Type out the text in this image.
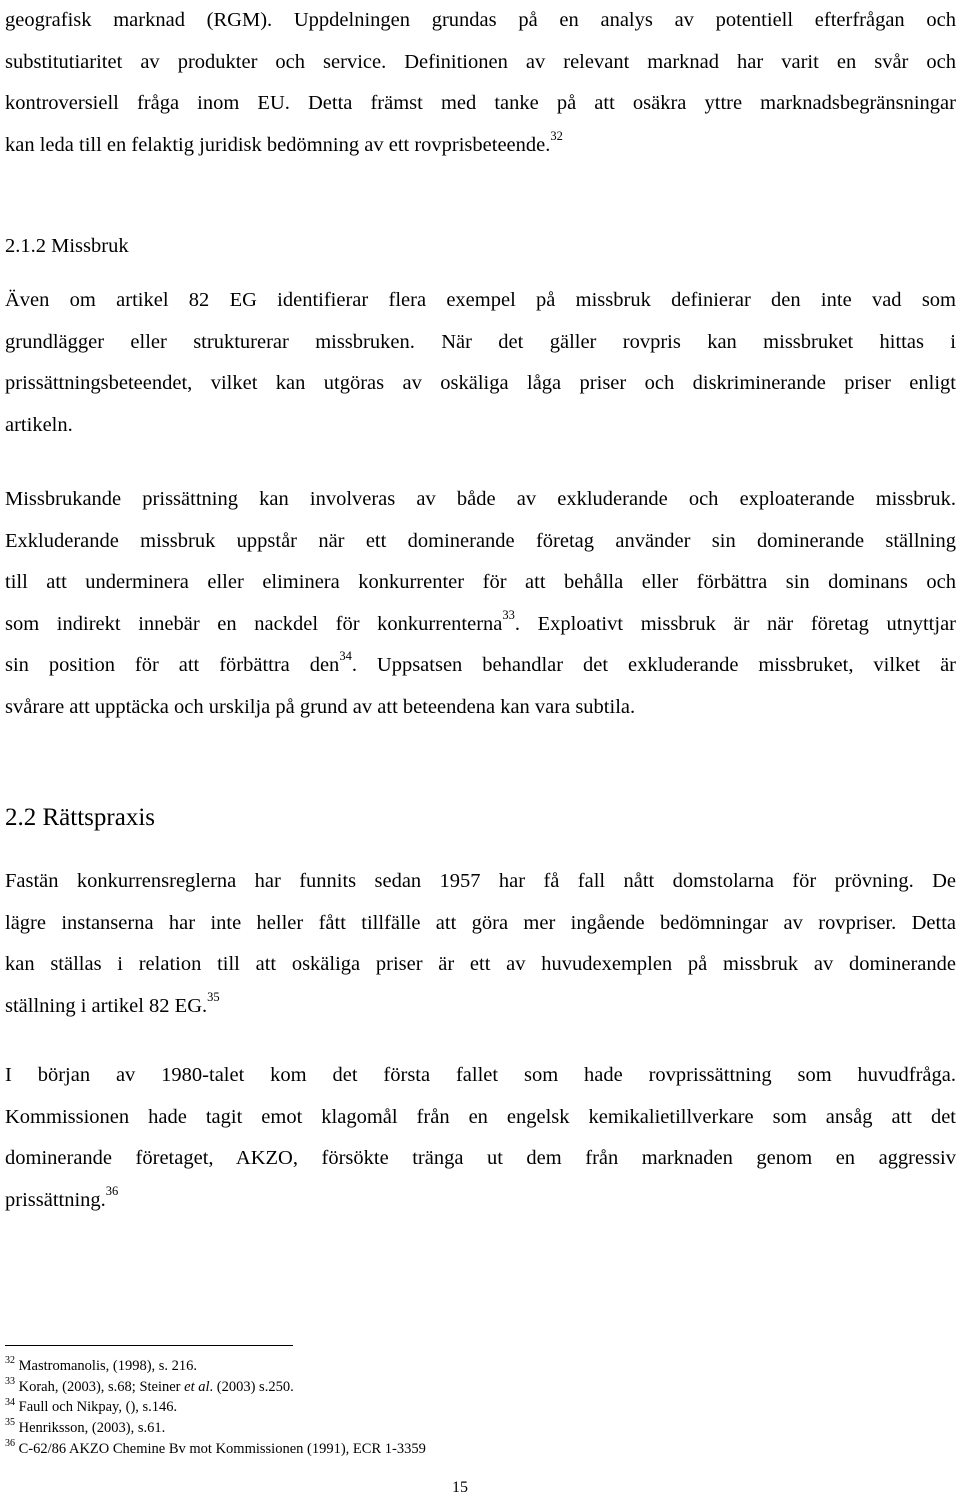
geografisk marknad (RGM). Uppdelningen grundas på en analys av potentiell efterfrågan och
substitutiaritet av produkter och service. Definitionen av relevant marknad har varit en svår och
kontroversiell fråga inom EU. Detta främst med tanke på att osäkra yttre marknadsbegränsningar
kan leda till en felaktig juridisk bedömning av ett rovprisbeteende.$^{32}$
2.1.2 Missbruk
Även om artikel 82 EG identifierar flera exempel på missbruk definierar den inte vad som
grundlägger eller strukturerar missbruken. När det gäller rovpris kan missbruket hittas i
prissättningsbeteendet, vilket kan utgöras av oskäliga låga priser och diskriminerande priser enligt
artikeln.
Missbrukande prissättning kan involveras av både av exkluderande och exploaterande missbruk.
Exkluderande missbruk uppstår när ett dominerande företag använder sin dominerande ställning
till att underminera eller eliminera konkurrenter för att behålla eller förbättra sin dominans och
som indirekt innebär en nackdel för konkurrenterna$^{33}$. Exploativt missbruk är när företag utnyttjar
sin position för att förbättra den$^{34}$. Uppsatsen behandlar det exkluderande missbruket, vilket är
svårare att upptäcka och urskilja på grund av att beteendena kan vara subtila.
2.2 Rättspraxis
Fastän konkurrensreglerna har funnits sedan 1957 har få fall nått domstolarna för prövning. De
lägre instanserna har inte heller fått tillfälle att göra mer ingående bedömningar av rovpriser. Detta
kan ställas i relation till att oskäliga priser är ett av huvudexemplen på missbruk av dominerande
ställning i artikel 82 EG.$^{35}$
I början av 1980-talet kom det första fallet som hade rovprissättning som huvudfråga.
Kommissionen hade tagit emot klagomål från en engelsk kemikalietillverkare som ansåg att det
dominerande företaget, AKZO, försökte tränga ut dem från marknaden genom en aggressiv
prissättning.$^{36}$
$^{32}$ Mastromanolis, (1998), s. 216.
$^{33}$ Korah, (2003), s.68; Steiner et al. (2003) s.250.
$^{34}$ Faull och Nikpay, (), s.146.
$^{35}$ Henriksson, (2003), s.61.
$^{36}$ C-62/86 AKZO Chemine Bv mot Kommissionen (1991), ECR 1-3359
15
